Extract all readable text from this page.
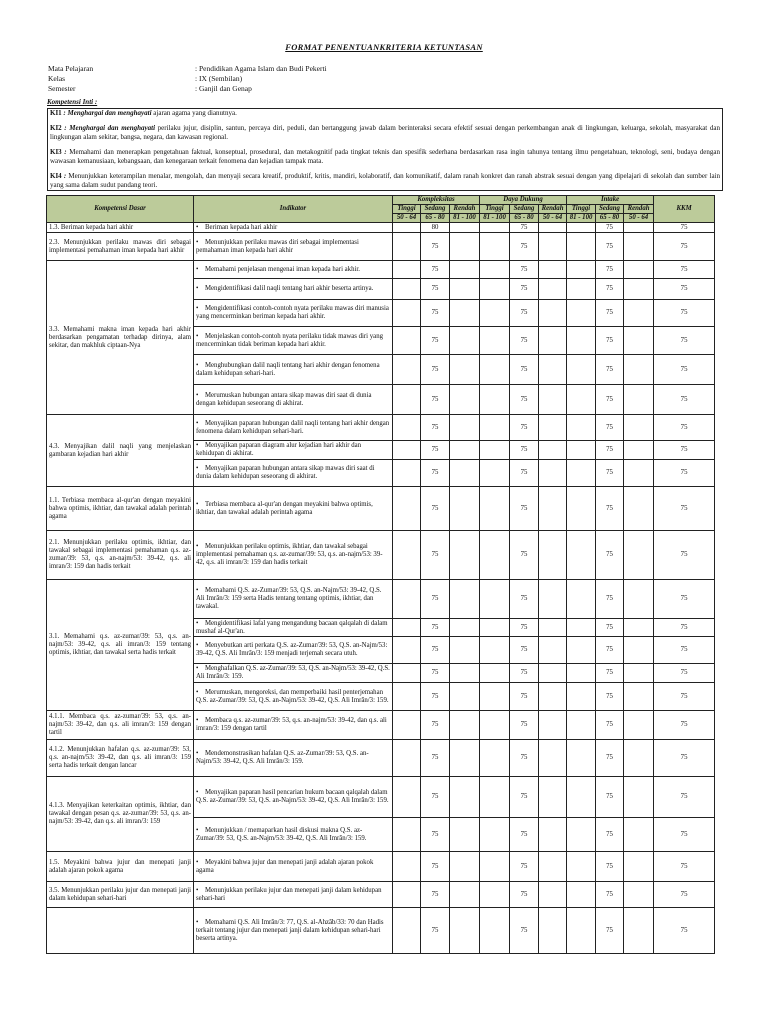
FORMAT PENENTUANKRITERIA KETUNTASAN
Mata Pelajaran	: Pendidikan Agama Islam dan Budi Pekerti
Kelas	: IX (Sembilan)
Semester	: Ganjil dan Genap
Kompetensi Inti :
KI1 : Menghargai dan menghayati ajaran agama yang dianutnya.
KI2 : Menghargai dan menghayati perilaku jujur, disiplin, santun, percaya diri, peduli, dan bertanggung jawab dalam berinteraksi secara efektif sesuai dengan perkembangan anak di lingkungan, keluarga, sekolah, masyarakat dan lingkungan alam sekitar, bangsa, negara, dan kawasan regional.
KI3 : Memahami dan menerapkan pengetahuan faktual, konseptual, prosedural, dan metakognitif pada tingkat teknis dan spesifik sederhana berdasarkan rasa ingin tahunya tentang ilmu pengetahuan, teknologi, seni, budaya dengan wawasan kemanusiaan, kebangsaan, dan kenegaraan terkait fenomena dan kejadian tampak mata.
KI4 : Menunjukkan keterampilan menalar, mengolah, dan menyaji secara kreatif, produktif, kritis, mandiri, kolaboratif, dan komunikatif, dalam ranah konkret dan ranah abstrak sesuai dengan yang dipelajari di sekolah dan sumber lain yang sama dalam sudut pandang teori.
Kompetensi Dasar	Indikator	Kompleksitas			Daya Dukung			Intake			KKM
		Tinggi	Sedang	Rendah	Tinggi	Sedang	Rendah	Tinggi	Sedang	Rendah	
		50 - 64	65 - 80	81 - 100	81 - 100	65 - 80	50 - 64	81 - 100	65 - 80	50 - 64	
1.3. Beriman kepada hari akhir	• Beriman kepada hari akhir		80			75			75		75
2.3. Menunjukkan perilaku mawas diri sebagai implementasi pemahaman iman kepada hari akhir	• Menunjukkan perilaku mawas diri sebagai implementasi pemahaman iman kepada hari akhir		75			75			75		75
3.3. Memahami makna iman kepada hari akhir berdasarkan pengamatan terhadap dirinya, alam sekitar, dan makhluk ciptaan-Nya	• Memahami penjelasan mengenai iman kepada hari akhir.		75			75			75		75
	• Mengidentifikasi dalil naqli tentang hari akhir beserta artinya.		75			75			75		75
	• Mengidentifikasi contoh-contoh nyata perilaku mawas diri manusia yang mencerminkan beriman kepada hari akhir.		75			75			75		75
	• Menjelaskan contoh-contoh nyata perilaku tidak mawas diri yang mencerminkan tidak beriman kepada hari akhir.		75			75			75		75
	• Menghubungkan dalil naqli tentang hari akhir dengan fenomena dalam kehidupan sehari-hari.		75			75			75		75
	• Merumuskan hubungan antara sikap mawas diri saat di dunia dengan kehidupan seseorang di akhirat.		75			75			75		75
4.3. Menyajikan dalil naqli yang menjelaskan gambaran kejadian hari akhir	• Menyajikan paparan hubungan dalil naqli tentang hari akhir dengan fenomena dalam kehidupan sehari-hari.		75			75			75		75
	• Menyajikan paparan diagram alur kejadian hari akhir dan kehidupan di akhirat.		75			75			75		75
	• Menyajikan paparan hubungan antara sikap mawas diri saat di dunia dalam kehidupan seseorang di akhirat.		75			75			75		75
1.1. Terbiasa membaca al-qur'an dengan meyakini bahwa optimis, ikhtiar, dan tawakal adalah perintah agama	• Terbiasa membaca al-qur'an dengan meyakini bahwa optimis, ikhtiar, dan tawakal adalah perintah agama		75			75			75		75
2.1. Menunjukkan perilaku optimis, ikhtiar, dan tawakal sebagai implementasi pemahaman q.s. az-zumar/39: 53, q.s. an-najm/53: 39-42, q.s. ali imran/3: 159 dan hadis terkait	• Menunjukkan perilaku optimis, ikhtiar, dan tawakal sebagai implementasi pemahaman q.s. az-zumar/39: 53, q.s. an-najm/53: 39-42, q.s. ali imran/3: 159 dan hadis terkait		75			75			75		75
3.1. Memahami q.s. az-zumar/39: 53, q.s. an-najm/53: 39-42, q.s. ali imran/3: 159 tentang optimis, ikhtiar, dan tawakal serta hadis terkait	• Memahami Q.S. az-Zumar/39: 53, Q.S. an-Najm/53: 39-42, Q.S. Ali Imrān/3: 159 serta Hadis tentang tentang optimis, ikhtiar, dan tawakal.		75			75			75		75
	• Mengidentifikasi lafal yang mengandung bacaan qalqalah di dalam mushaf al-Qur'an.		75			75			75		75
	• Menyebutkan arti perkata Q.S. az-Zumar/39: 53, Q.S. an-Najm/53: 39-42, Q.S. Ali Imrān/3: 159 menjadi terjemah secara utuh.		75			75			75		75
	• Menghafalkan Q.S. az-Zumar/39: 53, Q.S. an-Najm/53: 39-42, Q.S. Ali Imrān/3: 159.		75			75			75		75
	• Merumuskan, mengoreksi, dan memperbaiki hasil penterjemahan Q.S. az-Zumar/39: 53, Q.S. an-Najm/53: 39-42, Q.S. Ali Imrān/3: 159.		75			75			75		75
4.1.1. Membaca q.s. az-zumar/39: 53, q.s. an-najm/53: 39-42, dan q.s. ali imran/3: 159 dengan tartil	• Membaca q.s. az-zumar/39: 53, q.s. an-najm/53: 39-42, dan q.s. ali imran/3: 159 dengan tartil		75			75			75		75
4.1.2. Menunjukkan hafalan q.s. az-zumar/39: 53, q.s. an-najm/53: 39-42, dan q.s. ali imran/3: 159 serta hadis terkait dengan lancar	• Mendemonstrasikan hafalan Q.S. az-Zumar/39: 53, Q.S. an-Najm/53: 39-42, Q.S. Ali Imrān/3: 159.		75			75			75		75
4.1.3. Menyajikan keterkaitan optimis, ikhtiar, dan tawakal dengan pesan q.s. az-zumar/39: 53, q.s. an-najm/53: 39-42, dan q.s. ali imran/3: 159	• Menyajikan paparan hasil pencarian hukum bacaan qalqalah dalam Q.S. az-Zumar/39: 53, Q.S. an-Najm/53: 39-42, Q.S. Ali Imrān/3: 159.		75			75			75		75
	• Menunjukkan / memaparkan hasil diskusi makna Q.S. az-Zumar/39: 53, Q.S. an-Najm/53: 39-42, Q.S. Ali Imrān/3: 159.		75			75			75		75
1.5. Meyakini bahwa jujur dan menepati janji adalah ajaran pokok agama	• Meyakini bahwa jujur dan menepati janji adalah ajaran pokok agama		75			75			75		75
3.5. Menunjukkan perilaku jujur dan menepati janji dalam kehidupan sehari-hari	• Menunjukkan perilaku jujur dan menepati janji dalam kehidupan sehari-hari		75			75			75		75
	• Memahami Q.S. Ali Imrān/3: 77, Q.S. al-Ahzāb/33: 70 dan Hadis terkait tentang jujur dan menepati janji dalam kehidupan sehari-hari beserta artinya.		75			75			75		75
